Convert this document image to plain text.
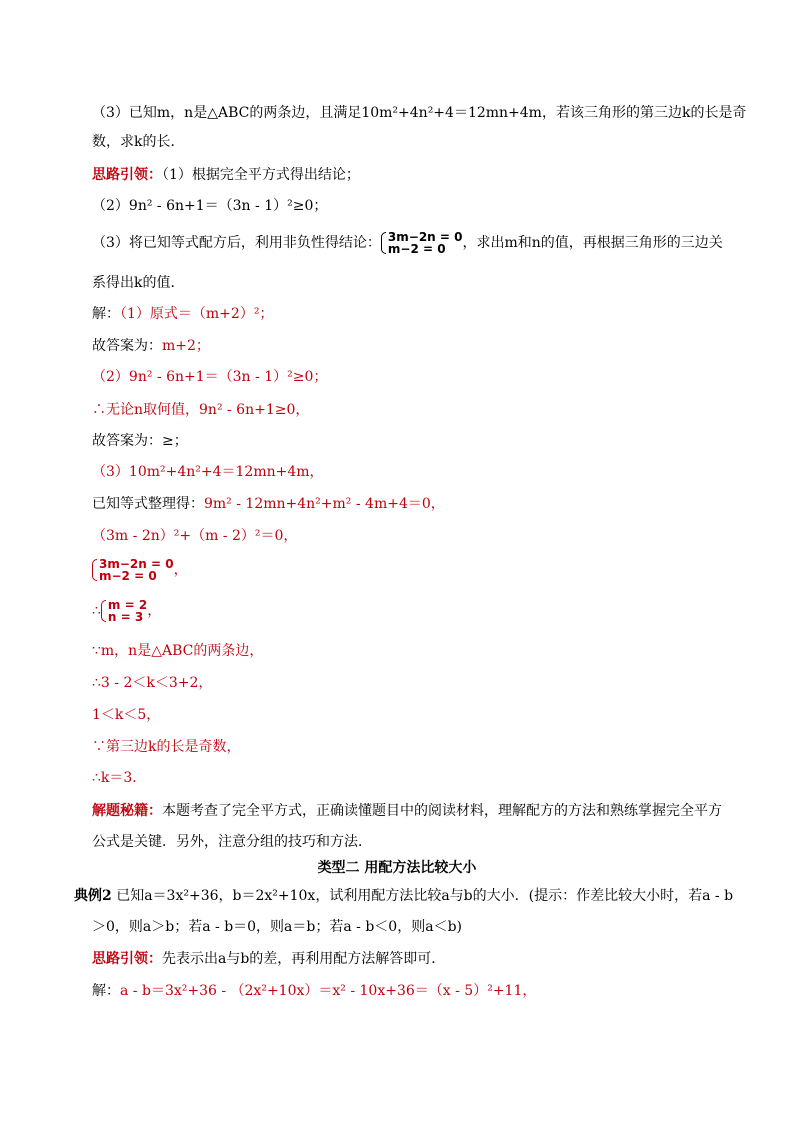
（3）已知m，n是△ABC的两条边，且满足10m²+4n²+4＝12mn+4m，若该三角形的第三边k的长是奇
数，求k的长．
思路引领：（1）根据完全平方式得出结论；
（2）9n² - 6n+1＝（3n - 1）²≥0；
（3）将已知等式配方后，利用非负性得结论： 3m−2n = 0
m−2 = 0	，求出m和n的值，再根据三角形的三边关
系得出k的值．
解：（1）原式＝（m+2）²；
故答案为：m+2；
（2）9n² - 6n+1＝（3n - 1）²≥0；
∴无论n取何值，9n² - 6n+1≥0，
故答案为：≥；
（3）10m²+4n²+4＝12mn+4m，
已知等式整理得：9m² - 12mn+4n²+m² - 4m+4＝0，
（3m - 2n）²+（m - 2）²＝0，
3m−2n = 0
m−2 = 0	，
∴ m = 2
n = 3 ，
∵m，n是△ABC的两条边，
∴3 - 2＜k＜3+2，
1＜k＜5，
∵第三边k的长是奇数，
∴k＝3．
解题秘籍：本题考查了完全平方式，正确读懂题目中的阅读材料，理解配方的方法和熟练掌握完全平方
公式是关键．另外，注意分组的技巧和方法．
类型二 用配方法比较大小
典例2 已知a＝3x²+36，b＝2x²+10x，试利用配方法比较a与b的大小．(提示：作差比较大小时，若a - b
＞0，则a＞b；若a - b＝0，则a＝b；若a - b＜0，则a＜b)
思路引领：先表示出a与b的差，再利用配方法解答即可．
解：a - b＝3x²+36 - （2x²+10x）＝x² - 10x+36＝（x - 5）²+11，
